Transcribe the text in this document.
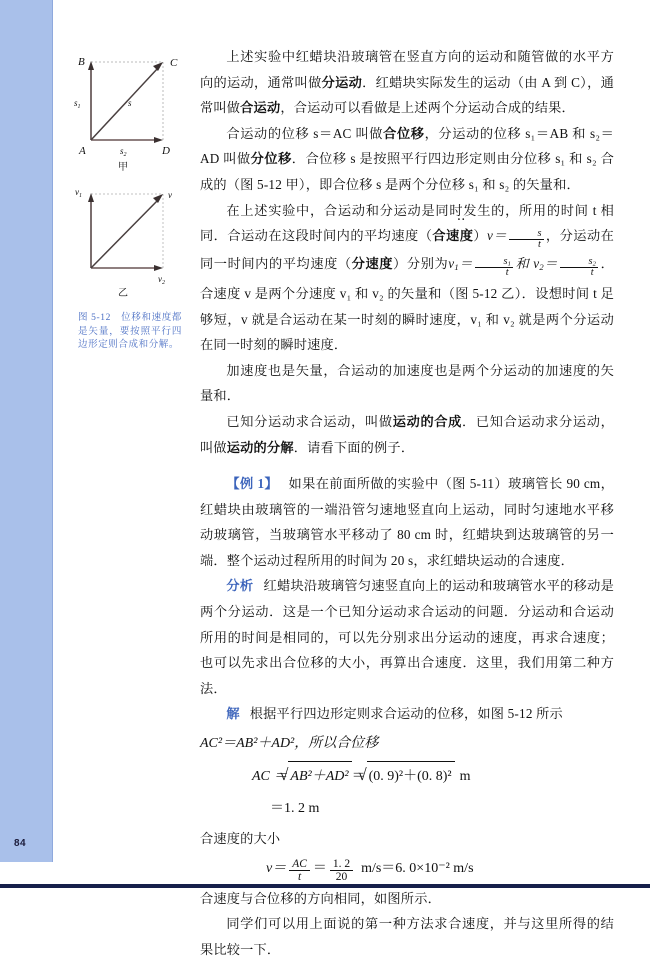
84
B	C
A	D
$s_1$
$s_2$
s
甲
$v_1$	v
$v_2$
乙
图 5-12　位移和速度都是矢量，要按照平行四边形定则合成和分解。

上述实验中红蜡块沿玻璃管在竖直方向的运动和随管做的水平方向的运动，通常叫做分运动．红蜡块实际发生的运动（由 A 到 C），通常叫做合运动，合运动可以看做是上述两个分运动合成的结果．

合运动的位移 s＝AC 叫做合位移，分运动的位移 s₁＝AB 和 s₂＝AD 叫做分位移．合位移 s 是按照平行四边形定则由分位移 s₁ 和 s₂ 合成的（图 5-12 甲），即合位移 s 是两个分位移 s₁ 和 s₂ 的矢量和．

在上述实验中，合运动和分运动是同时 ‥发生的，所用的时间 t 相同．合运动在这段时间内的平均速度（合速度）$v= \frac{s}{t}$ ，分运动在同一时间内的平均速度（分速度）分别为$v_1= \frac{s_1}{t}$ 和 $v_2= \frac{s_2}{t}$ ．合速度 v 是两个分速度 v₁ 和 v₂ 的矢量和（图 5-12 乙）．设想时间 t 足够短，v 就是合运动在某一时刻的瞬时速度，v₁ 和 v₂ 就是两个分运动在同一时刻的瞬时速度．

加速度也是矢量，合运动的加速度也是两个分运动的加速度的矢量和．

已知分运动求合运动，叫做运动的合成．已知合运动求分运动，叫做运动的分解．请看下面的例子．

【例 1】 如果在前面所做的实验中（图 5-11）玻璃管长 90 cm，红蜡块由玻璃管的一端沿管匀速地竖直向上运动，同时匀速地水平移动玻璃管，当玻璃管水平移动了 80 cm 时，红蜡块到达玻璃管的另一端．整个运动过程所用的时间为 20 s，求红蜡块运动的合速度．

分析 红蜡块沿玻璃管匀速竖直向上的运动和玻璃管水平的移动是两个分运动．这是一个已知分运动求合运动的问题．分运动和合运动所用的时间是相同的，可以先分别求出分运动的速度，再求合速度；也可以先求出合位移的大小，再算出合速度．这里，我们用第二种方法．

解 根据平行四边形定则求合运动的位移，如图 5-12 所示

AC²＝AB²＋AD²，所以合位移
AC ＝ √ AB²＋AD² ＝ √ (0. 9)²＋(0. 8)² m
＝1. 2 m

合速度的大小

$v= \frac{AC}{t} = \frac{1. 2}{20} m/s=6$. 0×10⁻² m/s

合速度与合位移的方向相同，如图所示．

同学们可以用上面说的第一种方法求合速度，并与这里所得的结果比较一下．
